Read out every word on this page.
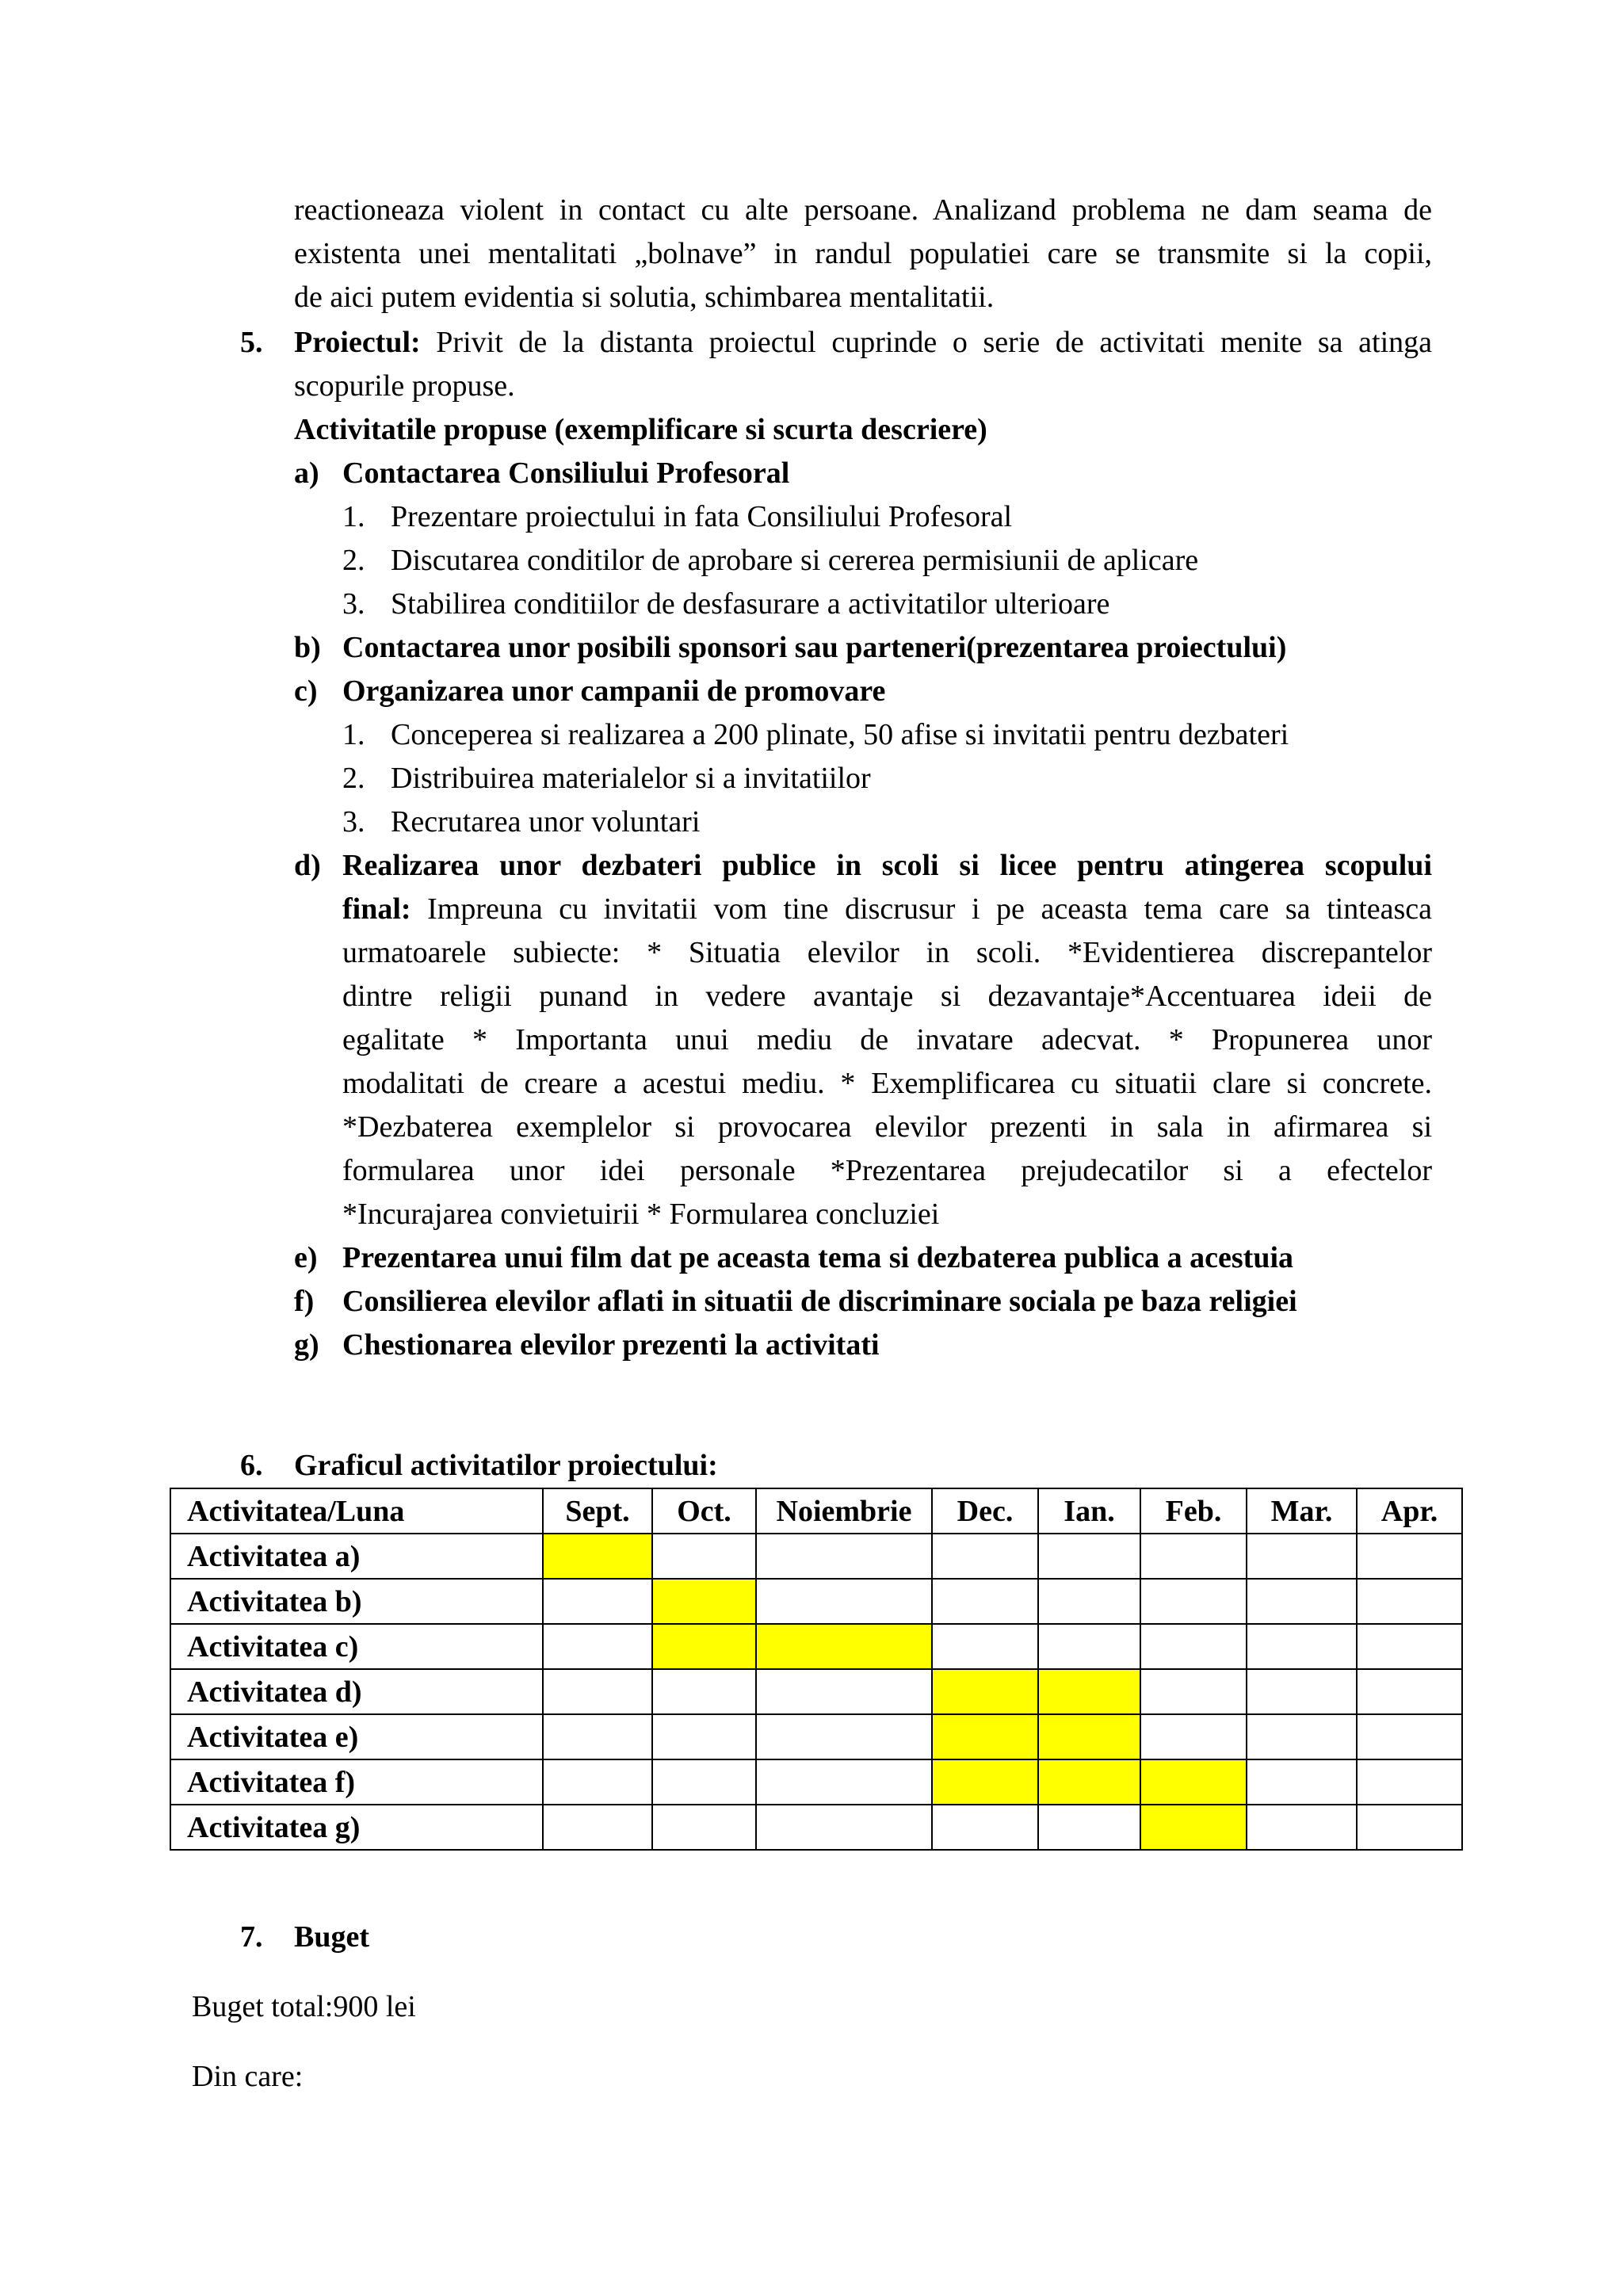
reactioneaza violent in contact cu alte persoane. Analizand problema ne dam seama de
existenta unei mentalitati „bolnave” in randul populatiei care se transmite si la copii,
de aici putem evidentia si solutia, schimbarea mentalitatii.
5. Proiectul: Privit de la distanta proiectul cuprinde o serie de activitati menite sa atinga
scopurile propuse.
Activitatile propuse (exemplificare si scurta descriere)
a) Contactarea Consiliului Profesoral
1. Prezentare proiectului in fata Consiliului Profesoral
2. Discutarea conditilor de aprobare si cererea permisiunii de aplicare
3. Stabilirea conditiilor de desfasurare a activitatilor ulterioare
b) Contactarea unor posibili sponsori sau parteneri(prezentarea proiectului)
c) Organizarea unor campanii de promovare
1. Conceperea si realizarea a 200 plinate, 50 afise si invitatii pentru dezbateri
2. Distribuirea materialelor si a invitatiilor
3. Recrutarea unor voluntari
d) Realizarea unor dezbateri publice in scoli si licee pentru atingerea scopului
final: Impreuna cu invitatii vom tine discrusur i pe aceasta tema care sa tinteasca
urmatoarele subiecte: * Situatia elevilor in scoli. *Evidentierea discrepantelor
dintre religii punand in vedere avantaje si dezavantaje*Accentuarea ideii de
egalitate * Importanta unui mediu de invatare adecvat. * Propunerea unor
modalitati de creare a acestui mediu. * Exemplificarea cu situatii clare si concrete.
*Dezbaterea exemplelor si provocarea elevilor prezenti in sala in afirmarea si
formularea unor idei personale *Prezentarea prejudecatilor si a efectelor
*Incurajarea convietuirii * Formularea concluziei
e) Prezentarea unui film dat pe aceasta tema si dezbaterea publica a acestuia
f) Consilierea elevilor aflati in situatii de discriminare sociala pe baza religiei
g) Chestionarea elevilor prezenti la activitati
6. Graficul activitatilor proiectului:
Activitatea/Luna	Sept.	Oct.	Noiembrie	Dec.	Ian.	Feb.	Mar.	Apr.
Activitatea a)								
Activitatea b)								
Activitatea c)								
Activitatea d)								
Activitatea e)								
Activitatea f)								
Activitatea g)								
7. Buget
Buget total:900 lei
Din care:
